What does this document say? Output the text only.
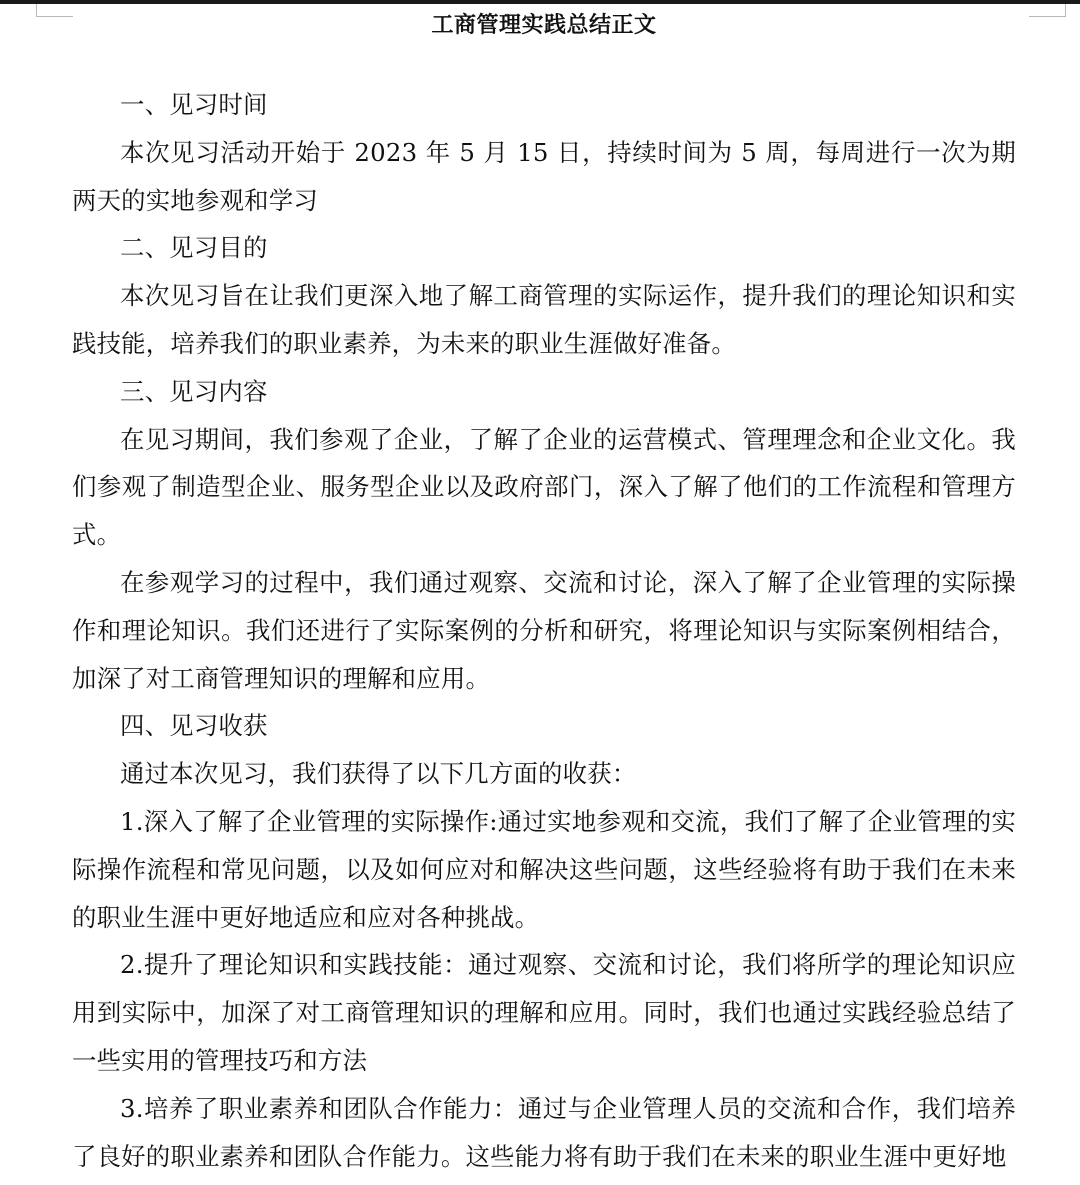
工商管理实践总结正文

一、见习时间

本次见习活动开始于 2023 年 5 月 15 日，持续时间为 5 周，每周进行一次为期两天的实地参观和学习

二、见习目的

本次见习旨在让我们更深入地了解工商管理的实际运作，提升我们的理论知识和实践技能，培养我们的职业素养，为未来的职业生涯做好准备。

三、见习内容

在见习期间，我们参观了企业，了解了企业的运营模式、管理理念和企业文化。我们参观了制造型企业、服务型企业以及政府部门，深入了解了他们的工作流程和管理方式。

在参观学习的过程中，我们通过观察、交流和讨论，深入了解了企业管理的实际操作和理论知识。我们还进行了实际案例的分析和研究，将理论知识与实际案例相结合，加深了对工商管理知识的理解和应用。

四、见习收获

通过本次见习，我们获得了以下几方面的收获：

1.深入了解了企业管理的实际操作:通过实地参观和交流，我们了解了企业管理的实际操作流程和常见问题，以及如何应对和解决这些问题，这些经验将有助于我们在未来的职业生涯中更好地适应和应对各种挑战。

2.提升了理论知识和实践技能：通过观察、交流和讨论，我们将所学的理论知识应用到实际中，加深了对工商管理知识的理解和应用。同时，我们也通过实践经验总结了一些实用的管理技巧和方法

3.培养了职业素养和团队合作能力：通过与企业管理人员的交流和合作，我们培养了良好的职业素养和团队合作能力。这些能力将有助于我们在未来的职业生涯中更好地
